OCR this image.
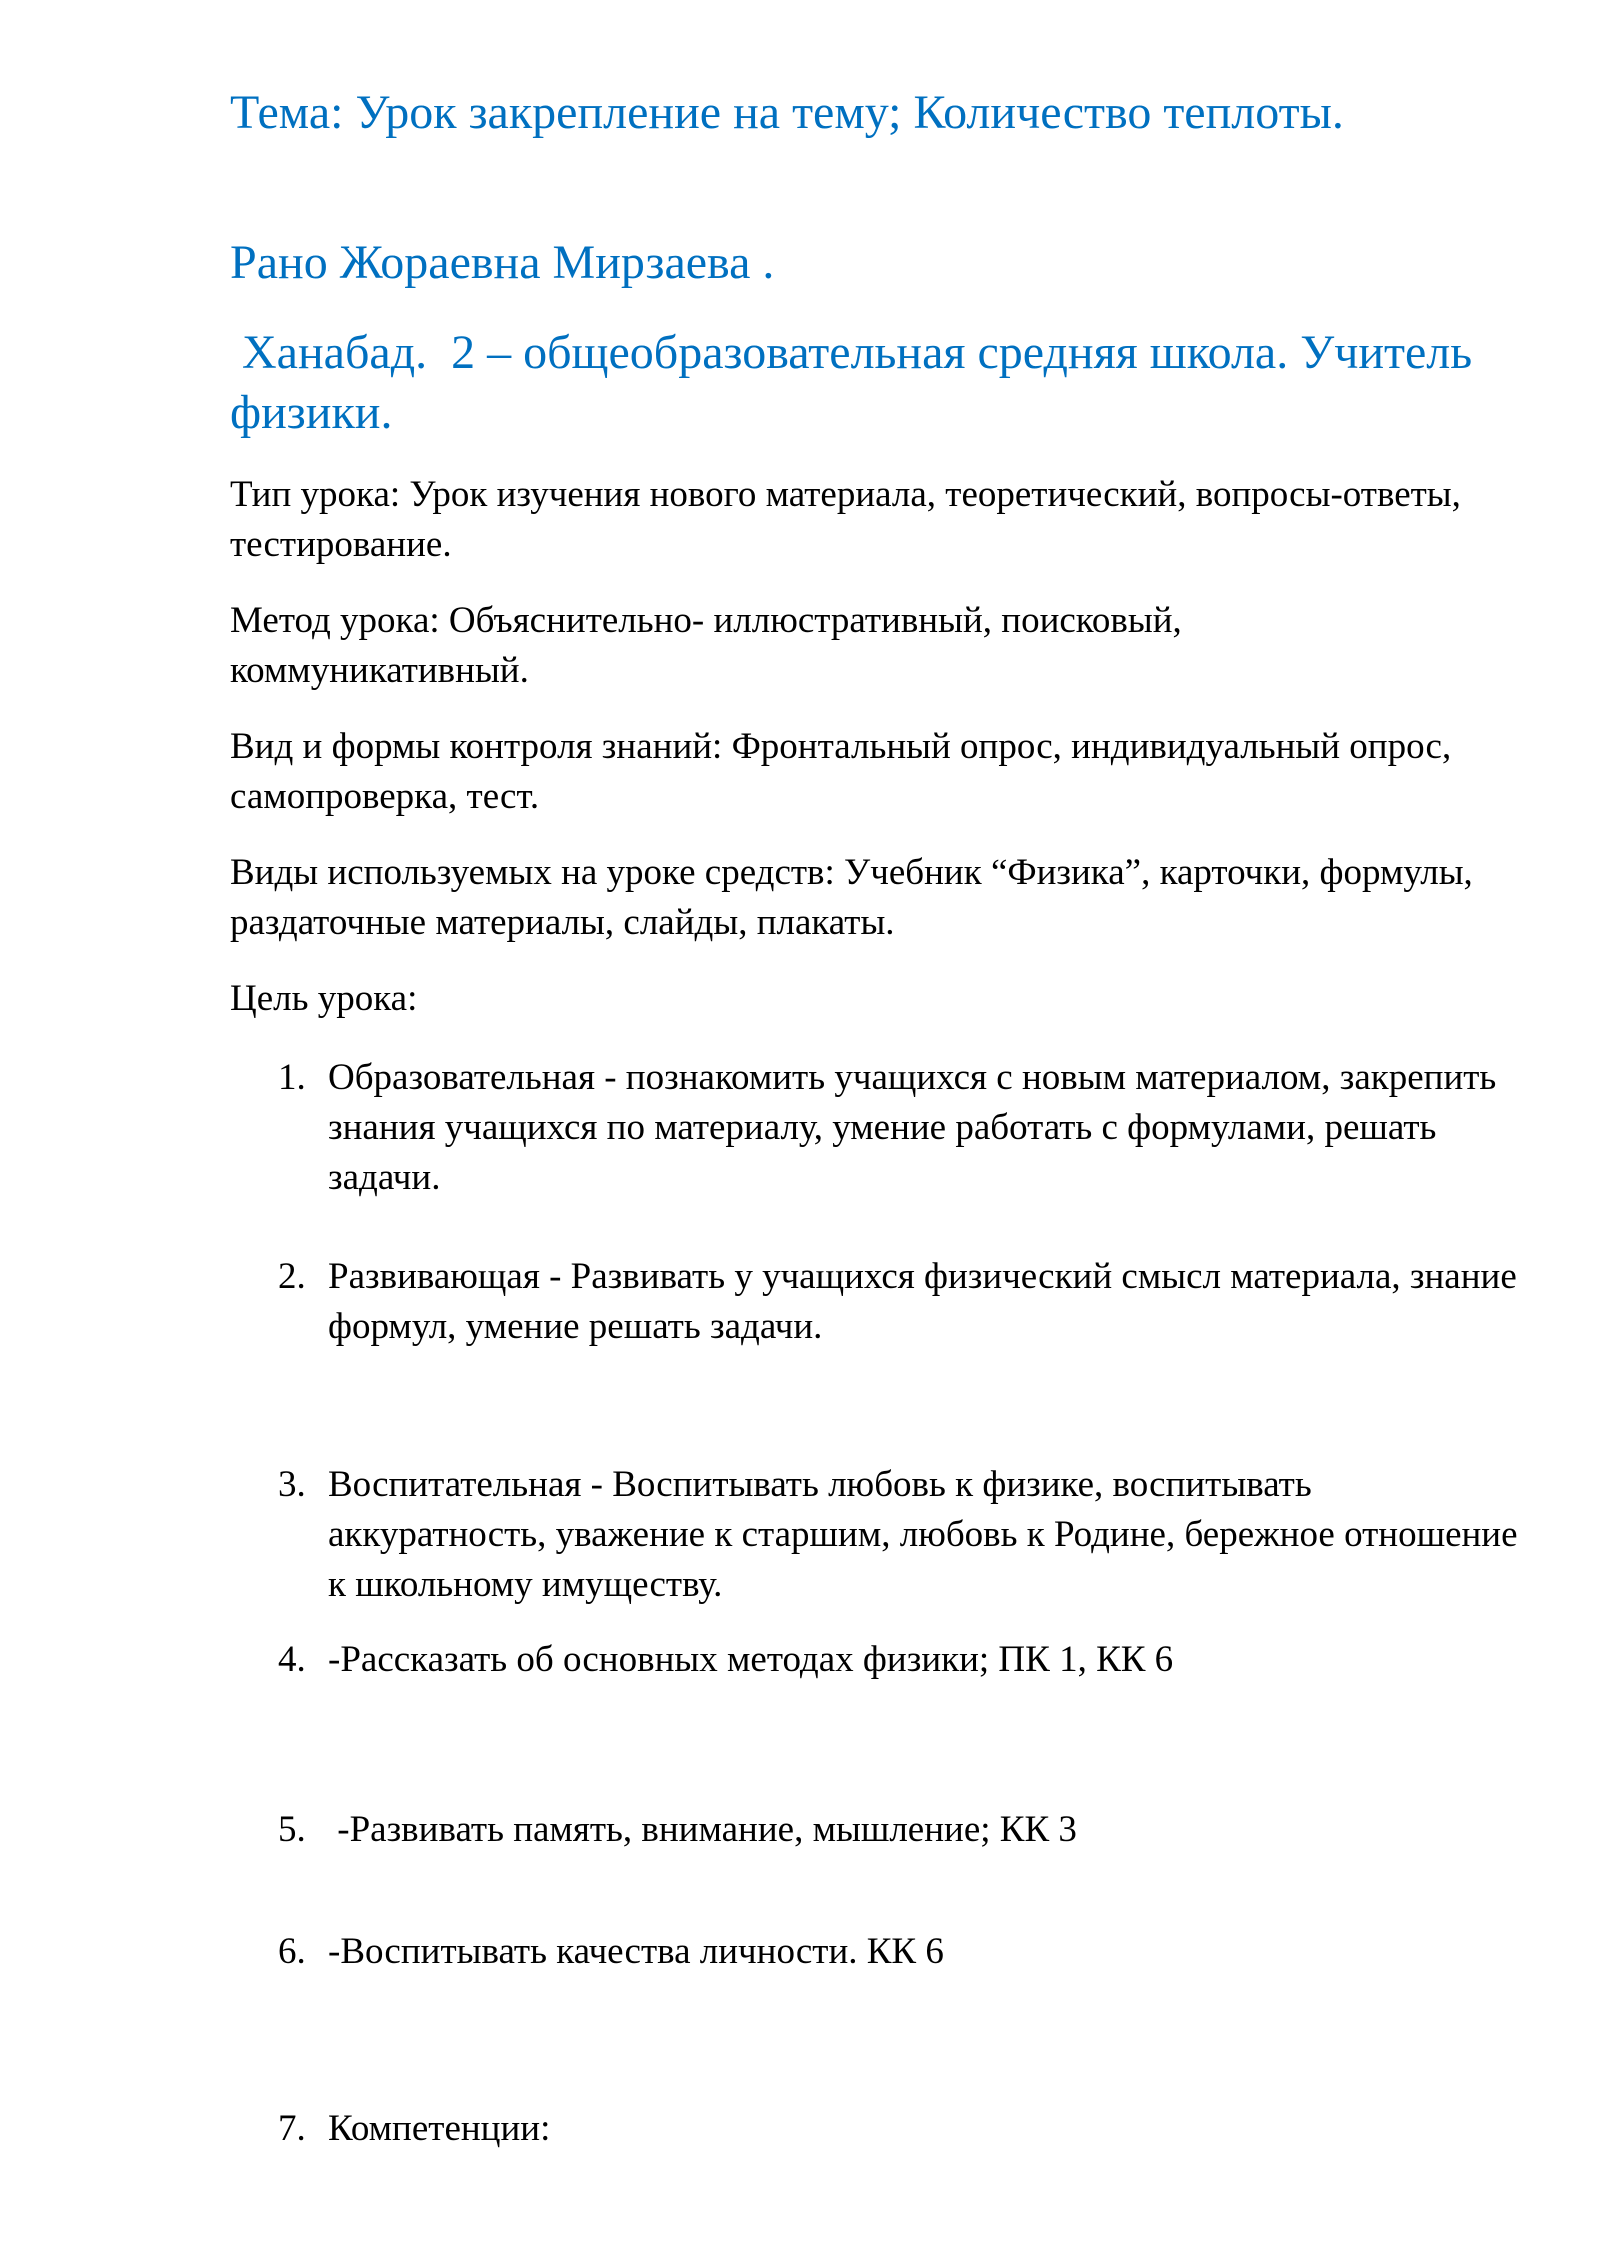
Тема: Урок закрепление на тему; Количество теплоты.
Рано Жораевна Мирзаева .
Ханабад.  2 – общеобразовательная средняя школа. Учитель физики.

Тип урока: Урок изучения нового материала, теоретический, вопросы-ответы, тестирование.

Метод урока: Объяснительно- иллюстративный, поисковый, коммуникативный.

Вид и формы контроля знаний: Фронтальный опрос, индивидуальный опрос, самопроверка, тест.

Виды используемых на уроке средств: Учебник “Физика”, карточки, формулы, раздаточные материалы, слайды, плакаты.

Цель урока:

1. Образовательная - познакомить учащихся с новым материалом, закрепить знания учащихся по материалу, умение работать с формулами, решать задачи.
2. Развивающая - Развивать у учащихся физический смысл материала, знание формул, умение решать задачи.
3. Воспитательная - Воспитывать любовь к физике, воспитывать аккуратность, уважение к старшим, любовь к Родине, бережное отношение к школьному имуществу.
4. -Рассказать об основных методах физики; ПК 1, КК 6
5. -Развивать память, внимание, мышление; КК 3
6. -Воспитывать качества личности. КК 6
7. Компетенции:
